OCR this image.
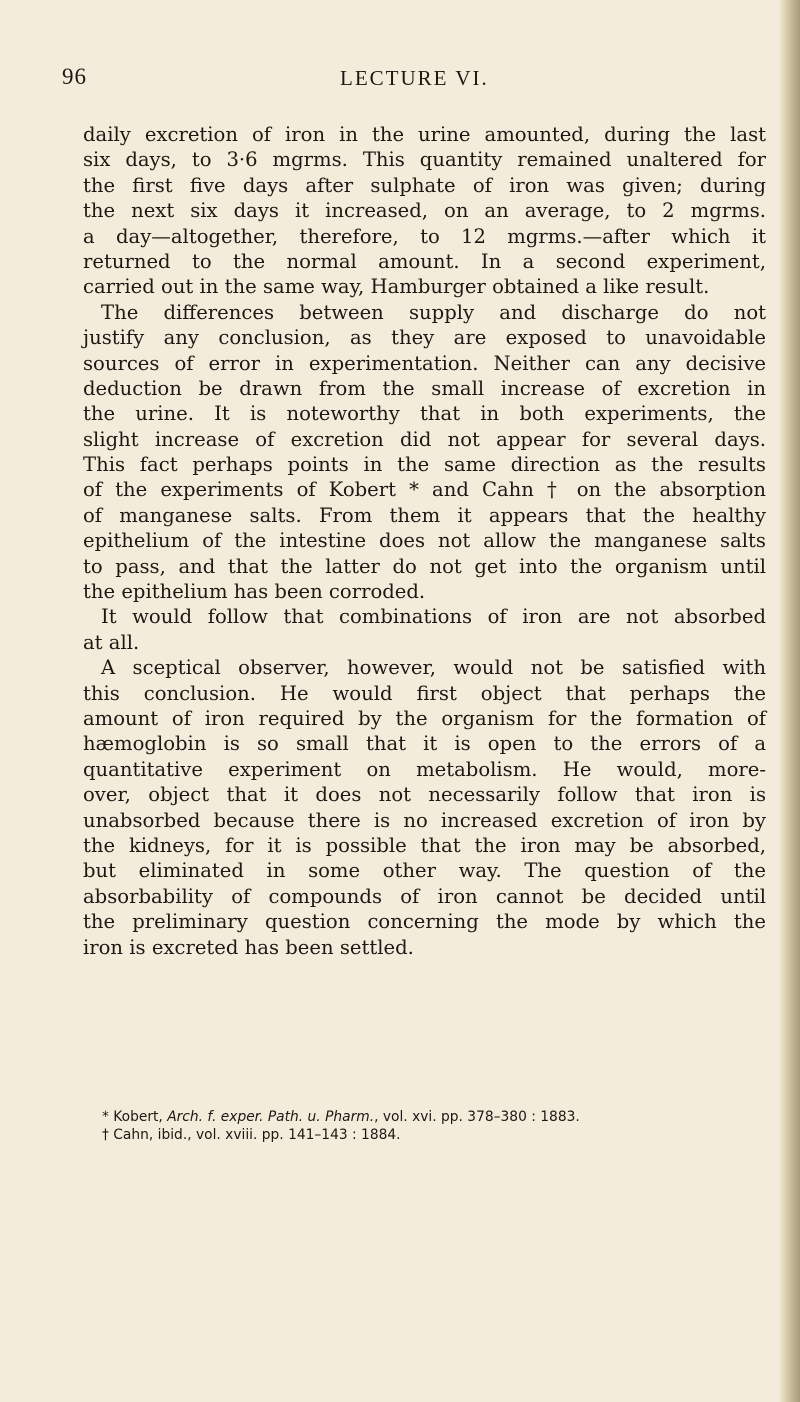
96	LECTURE VI.
daily excretion of iron in the urine amounted, during the last
six days, to 3·6 mgrms. This quantity remained unaltered for
the first five days after sulphate of iron was given; during
the next six days it increased, on an average, to 2 mgrms.
a day—altogether, therefore, to 12 mgrms.—after which it
returned to the normal amount. In a second experiment,
carried out in the same way, Hamburger obtained a like result.
The differences between supply and discharge do not
justify any conclusion, as they are exposed to unavoidable
sources of error in experimentation. Neither can any decisive
deduction be drawn from the small increase of excretion in
the urine. It is noteworthy that in both experiments, the
slight increase of excretion did not appear for several days.
This fact perhaps points in the same direction as the results
of the experiments of Kobert * and Cahn † on the absorption
of manganese salts. From them it appears that the healthy
epithelium of the intestine does not allow the manganese salts
to pass, and that the latter do not get into the organism until
the epithelium has been corroded.
It would follow that combinations of iron are not absorbed
at all.
A sceptical observer, however, would not be satisfied with
this conclusion. He would first object that perhaps the
amount of iron required by the organism for the formation of
hæmoglobin is so small that it is open to the errors of a
quantitative experiment on metabolism. He would, more-
over, object that it does not necessarily follow that iron is
unabsorbed because there is no increased excretion of iron by
the kidneys, for it is possible that the iron may be absorbed,
but eliminated in some other way. The question of the
absorbability of compounds of iron cannot be decided until
the preliminary question concerning the mode by which the
iron is excreted has been settled.
* Kobert, Arch. f. exper. Path. u. Pharm., vol. xvi. pp. 378–380 : 1883.
† Cahn, ibid., vol. xviii. pp. 141–143 : 1884.
